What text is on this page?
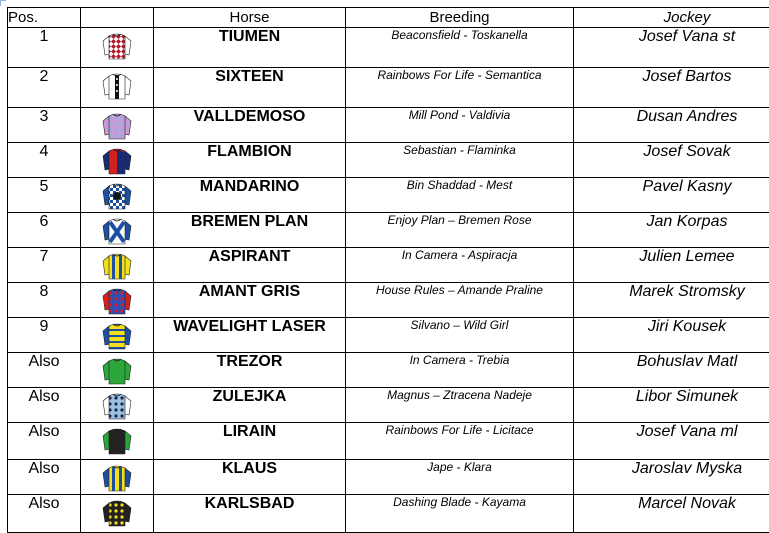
Pos.		Horse	Breeding	Jockey
1		TIUMEN	Beaconsfield - Toskanella	Josef Vana st
2		SIXTEEN	Rainbows For Life - Semantica	Josef Bartos
3		VALLDEMOSO	Mill Pond - Valdivia	Dusan Andres
4		FLAMBION	Sebastian - Flaminka	Josef Sovak
5		MANDARINO	Bin Shaddad - Mest	Pavel Kasny
6		BREMEN PLAN	Enjoy Plan – Bremen Rose	Jan Korpas
7		ASPIRANT	In Camera - Aspiracja	Julien Lemee
8		AMANT GRIS	House Rules – Amande Praline	Marek Stromsky
9		WAVELIGHT LASER	Silvano – Wild Girl	Jiri Kousek
Also		TREZOR	In Camera - Trebia	Bohuslav Matl
Also		ZULEJKA	Magnus – Ztracena Nadeje	Libor Simunek
Also		LIRAIN	Rainbows For Life - Licitace	Josef Vana ml
Also		KLAUS	Jape - Klara	Jaroslav Myska
Also		KARLSBAD	Dashing Blade - Kayama	Marcel Novak
